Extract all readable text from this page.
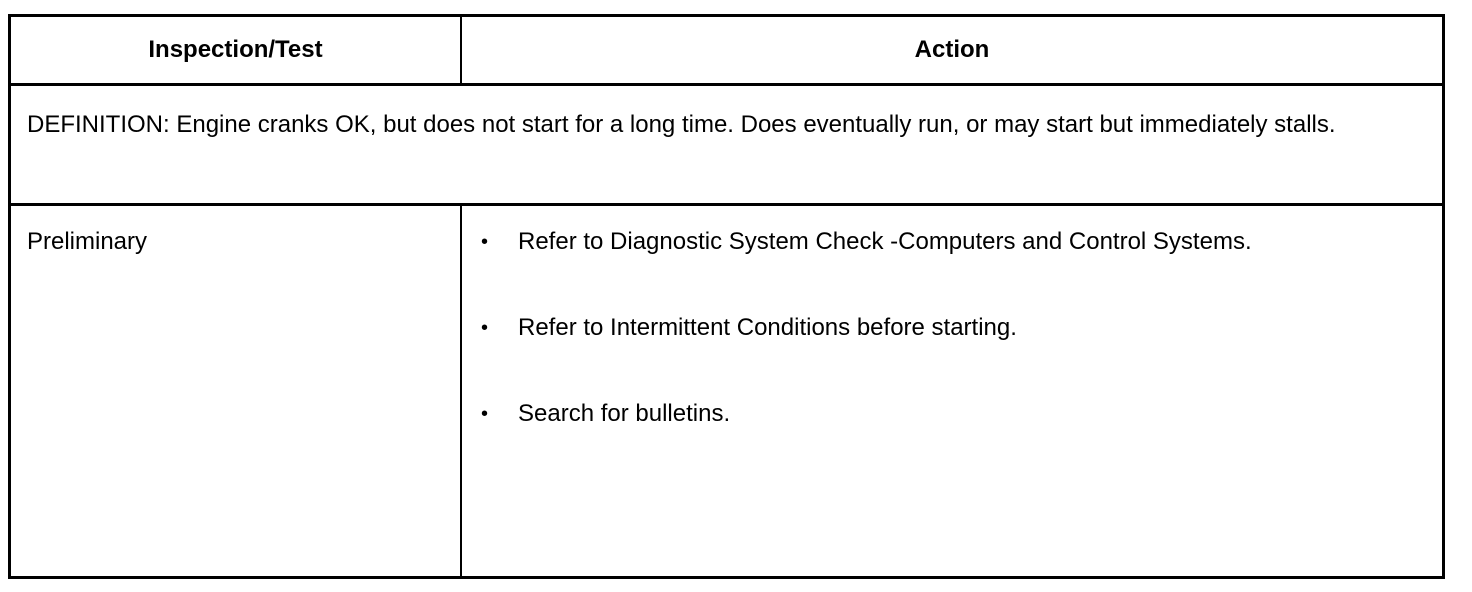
Inspection/Test	Action
DEFINITION: Engine cranks OK, but does not start for a long time. Does eventually run, or may start but immediately stalls.
Preliminary	• Refer to Diagnostic System Check -Computers and Control Systems.
• Refer to Intermittent Conditions before starting.
• Search for bulletins.
